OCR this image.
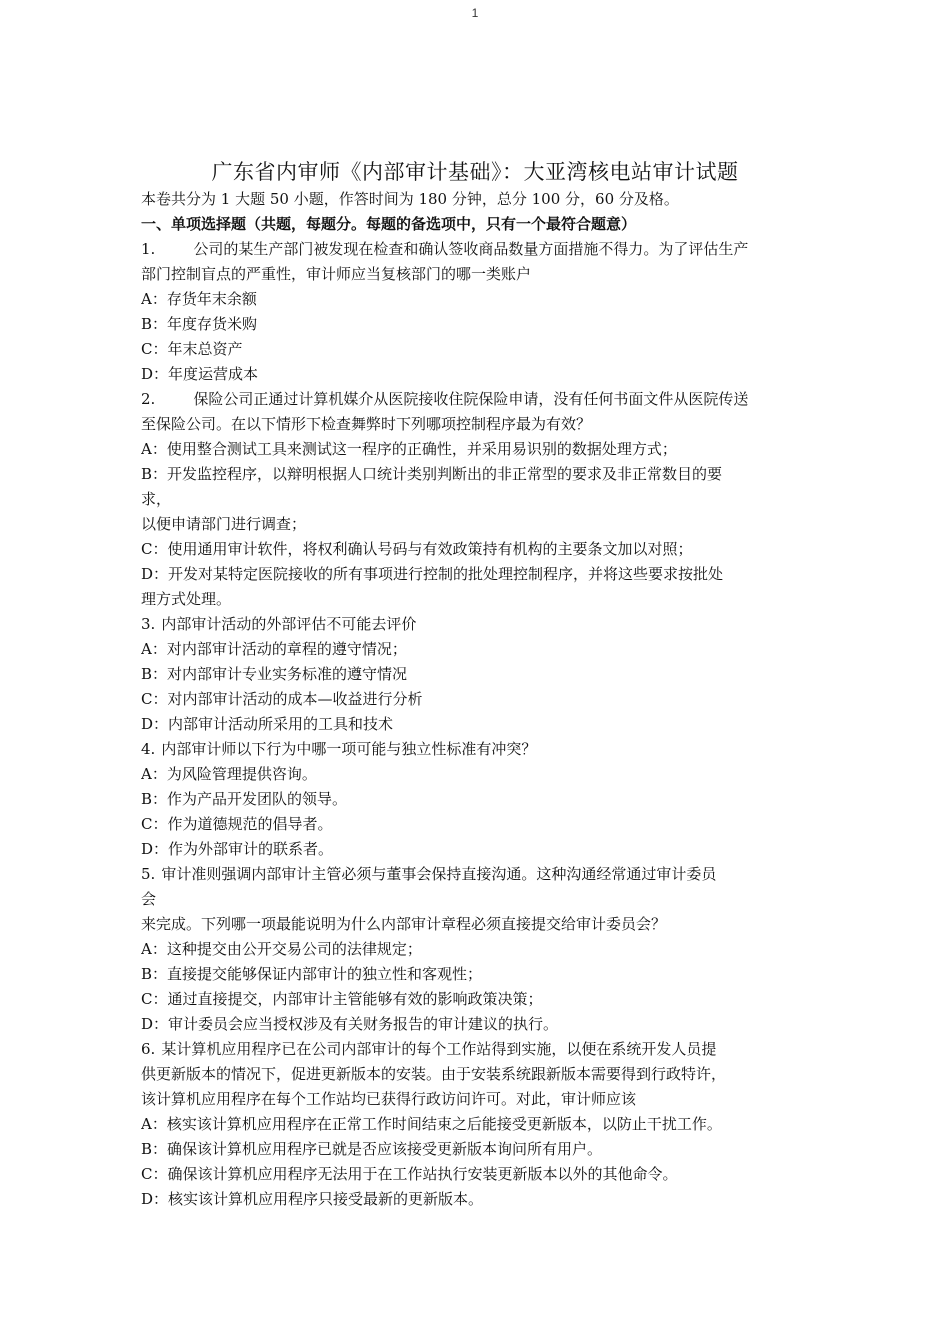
1
广东省内审师《内部审计基础》：大亚湾核电站审计试题
本卷共分为 1 大题 50 小题，作答时间为 180 分钟，总分 100 分，60 分及格。
一、单项选择题（共题，每题分。每题的备选项中，只有一个最符合题意）
1.	公司的某生产部门被发现在检查和确认签收商品数量方面措施不得力。为了评估生产
部门控制盲点的严重性，审计师应当复核部门的哪一类账户
A：存货年末余额
B：年度存货米购
C：年末总资产
D：年度运营成本
2.	保险公司正通过计算机媒介从医院接收住院保险申请，没有任何书面文件从医院传送
至保险公司。在以下情形下检查舞弊时下列哪项控制程序最为有效？
A：使用整合测试工具来测试这一程序的正确性，并采用易识别的数据处理方式；
B：开发监控程序，以辩明根据人口统计类别判断出的非正常型的要求及非正常数目的要
求，
以便申请部门进行调查；
C：使用通用审计软件，将权利确认号码与有效政策持有机构的主要条文加以对照；
D：开发对某特定医院接收的所有事项进行控制的批处理控制程序，并将这些要求按批处
理方式处理。
3. 内部审计活动的外部评估不可能去评价
A：对内部审计活动的章程的遵守情况；
B：对内部审计专业实务标准的遵守情况
C：对内部审计活动的成本—收益进行分析
D：内部审计活动所采用的工具和技术
4. 内部审计师以下行为中哪一项可能与独立性标准有冲突？
A：为风险管理提供咨询。
B：作为产品开发团队的领导。
C：作为道德规范的倡导者。
D：作为外部审计的联系者。
5. 审计准则强调内部审计主管必须与董事会保持直接沟通。这种沟通经常通过审计委员
会
来完成。下列哪一项最能说明为什么内部审计章程必须直接提交给审计委员会？
A：这种提交由公开交易公司的法律规定；
B：直接提交能够保证内部审计的独立性和客观性；
C：通过直接提交，内部审计主管能够有效的影响政策决策；
D：审计委员会应当授权涉及有关财务报告的审计建议的执行。
6. 某计算机应用程序已在公司内部审计的每个工作站得到实施，以便在系统开发人员提
供更新版本的情况下，促进更新版本的安装。由于安装系统跟新版本需要得到行政特许，
该计算机应用程序在每个工作站均已获得行政访问许可。对此，审计师应该
A：核实该计算机应用程序在正常工作时间结束之后能接受更新版本，以防止干扰工作。
B：确保该计算机应用程序已就是否应该接受更新版本询问所有用户。
C：确保该计算机应用程序无法用于在工作站执行安装更新版本以外的其他命令。
D：核实该计算机应用程序只接受最新的更新版本。
